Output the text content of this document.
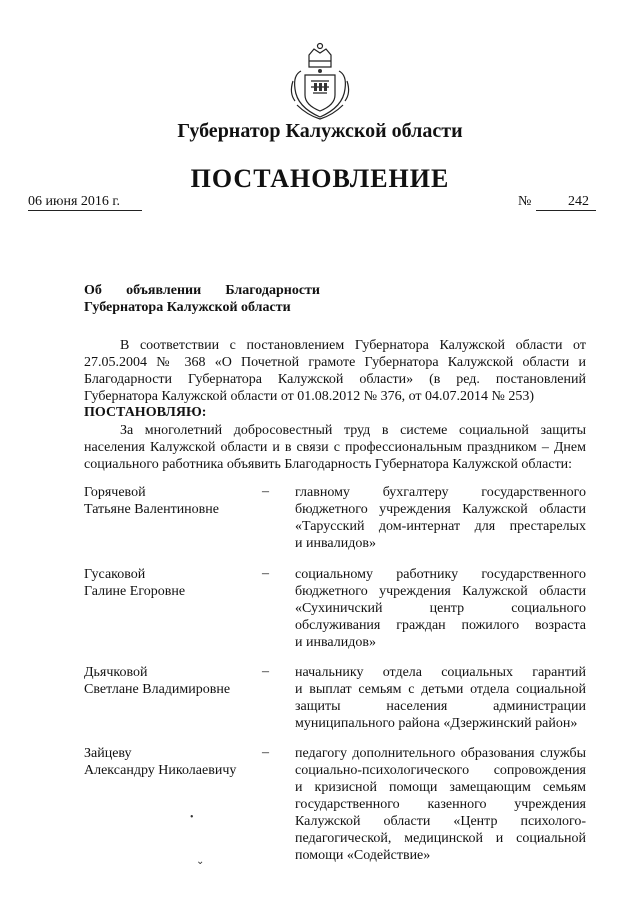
Губернатор Калужской области
ПОСТАНОВЛЕНИЕ
06 июня 2016 г.	№	242
Об объявлении Благодарности
Губернатора Калужской области
В соответствии с постановлением Губернатора Калужской области от 27.05.2004 № 368 «О Почетной грамоте Губернатора Калужской области и Благодарности Губернатора Калужской области» (в ред. постановлений Губернатора Калужской области от 01.08.2012 № 376, от 04.07.2014 № 253)
ПОСТАНОВЛЯЮ:
За многолетний добросовестный труд в системе социальной защиты населения Калужской области и в связи с профессиональным праздником – Днем социального работника объявить Благодарность Губернатора Калужской области:
Горячевой
Татьяне Валентиновне
– главному бухгалтеру государственного
бюджетного учреждения Калужской области
«Тарусский дом-интернат для престарелых
и инвалидов»
Гусаковой
Галине Егоровне
– социальному работнику государственного
бюджетного учреждения Калужской области
«Сухиничский центр социального
обслуживания граждан пожилого возраста
и инвалидов»
Дьячковой
Светлане Владимировне
– начальнику отдела социальных гарантий
и выплат семьям с детьми отдела социальной
защиты населения администрации
муниципального района «Дзержинский район»
Зайцеву
Александру Николаевичу
– педагогу дополнительного образования службы
социально-психологического сопровождения
и кризисной помощи замещающим семьям
государственного казенного учреждения
Калужской области «Центр психолого-
педагогической, медицинской и социальной
помощи «Содействие»
•
⌄
